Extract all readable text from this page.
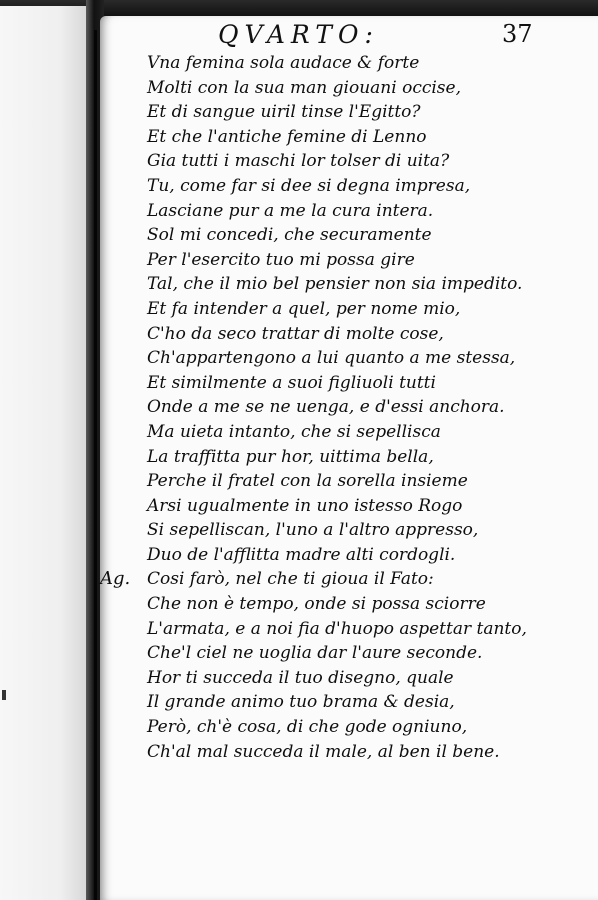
QVARTO:	37
Vna femina sola audace & forte
Molti con la sua man giouani occise,
Et di sangue uiril tinse l'Egitto?
Et che l'antiche femine di Lenno
Gia tutti i maschi lor tolser di uita?
Tu, come far si dee si degna impresa,
Lasciane pur a me la cura intera.
Sol mi concedi, che securamente
Per l'esercito tuo mi possa gire
Tal, che il mio bel pensier non sia impedito.
Et fa intender a quel, per nome mio,
C'ho da seco trattar di molte cose,
Ch'appartengono a lui quanto a me stessa,
Et similmente a suoi figliuoli tutti
Onde a me se ne uenga, e d'essi anchora.
Ma uieta intanto, che si sepellisca
La traffitta pur hor, uittima bella,
Perche il fratel con la sorella insieme
Arsi ugualmente in uno istesso Rogo
Si sepelliscan, l'uno a l'altro appresso,
Duo de l'afflitta madre alti cordogli.
Ag. Cosi farò, nel che ti gioua il Fato:
Che non è tempo, onde si possa sciorre
L'armata, e a noi fia d'huopo aspettar tanto,
Che'l ciel ne uoglia dar l'aure seconde.
Hor ti succeda il tuo disegno, quale
Il grande animo tuo brama & desia,
Però, ch'è cosa, di che gode ogniuno,
Ch'al mal succeda il male, al ben il bene.
